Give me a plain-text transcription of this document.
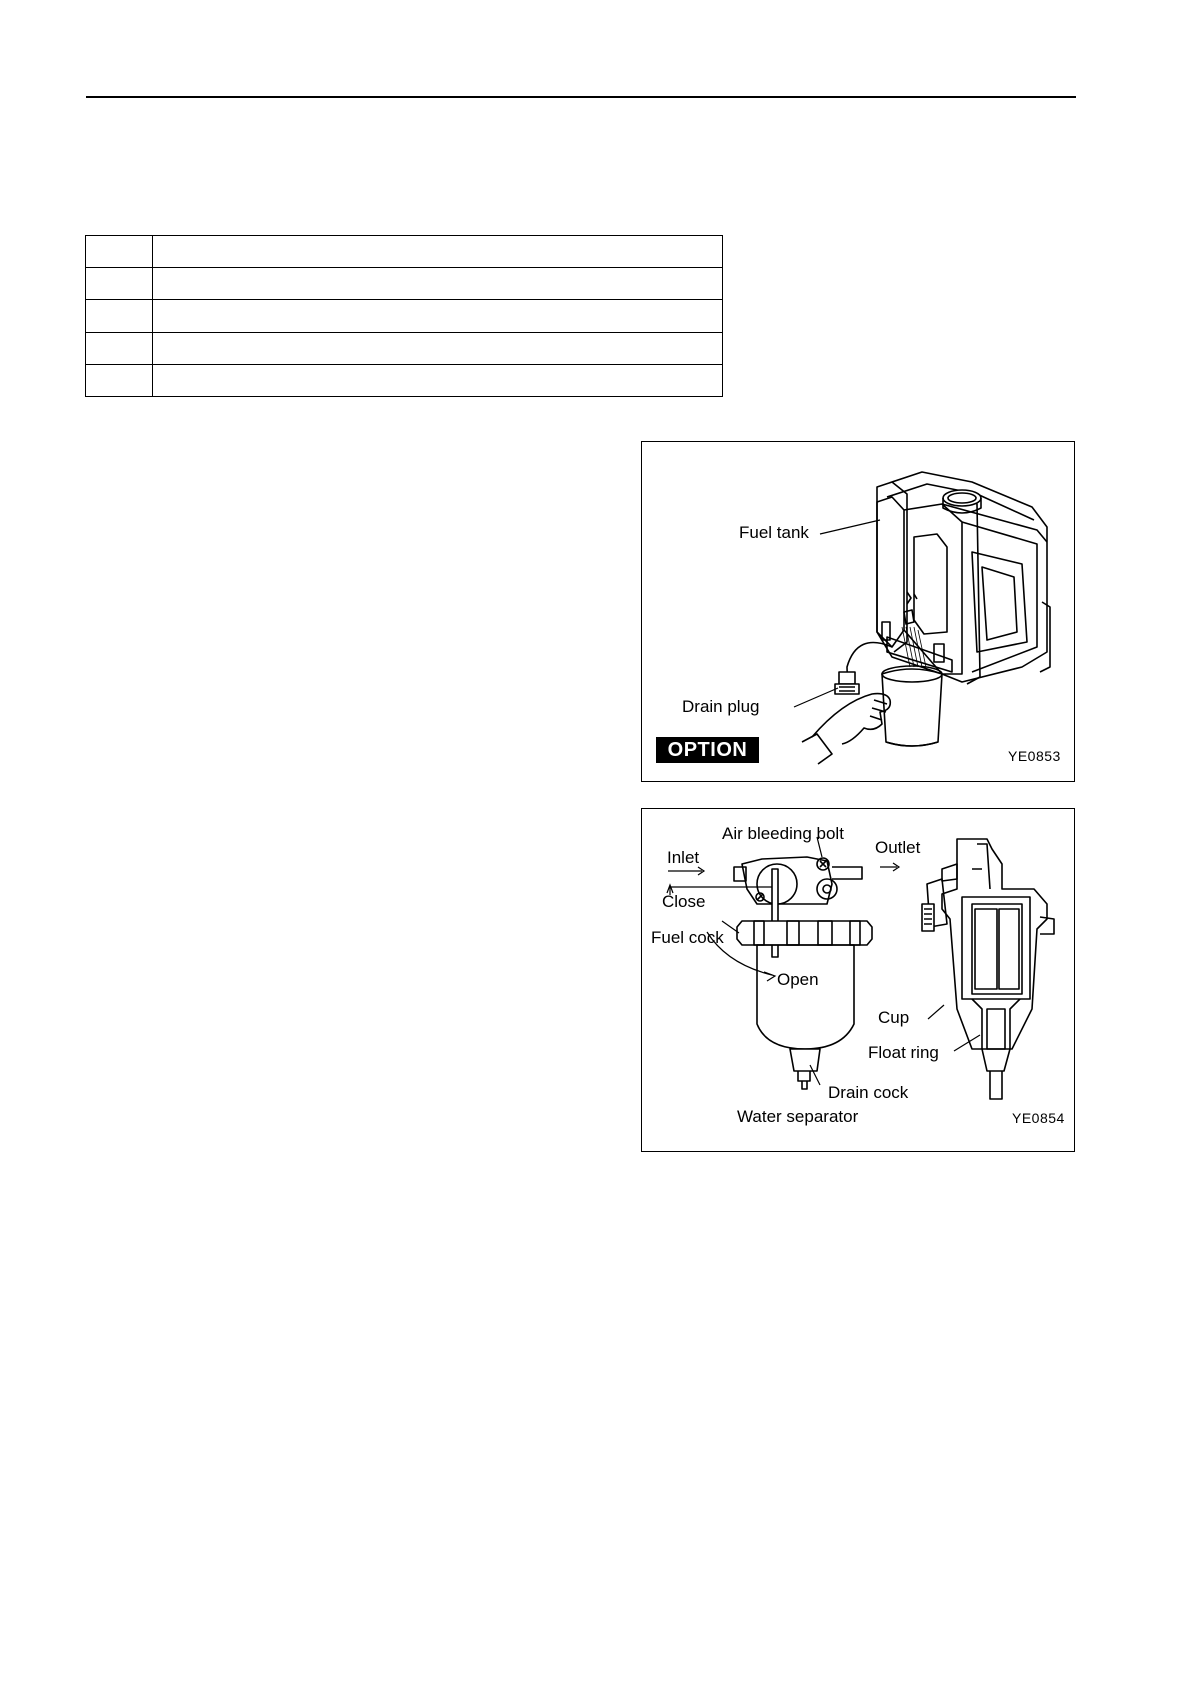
Fuel tank
Drain plug
OPTION	YE0853
Air bleeding bolt
Inlet
Outlet
Close
Fuel cock
Open
Cup
Float ring
Drain cock
Water separator	YE0854
